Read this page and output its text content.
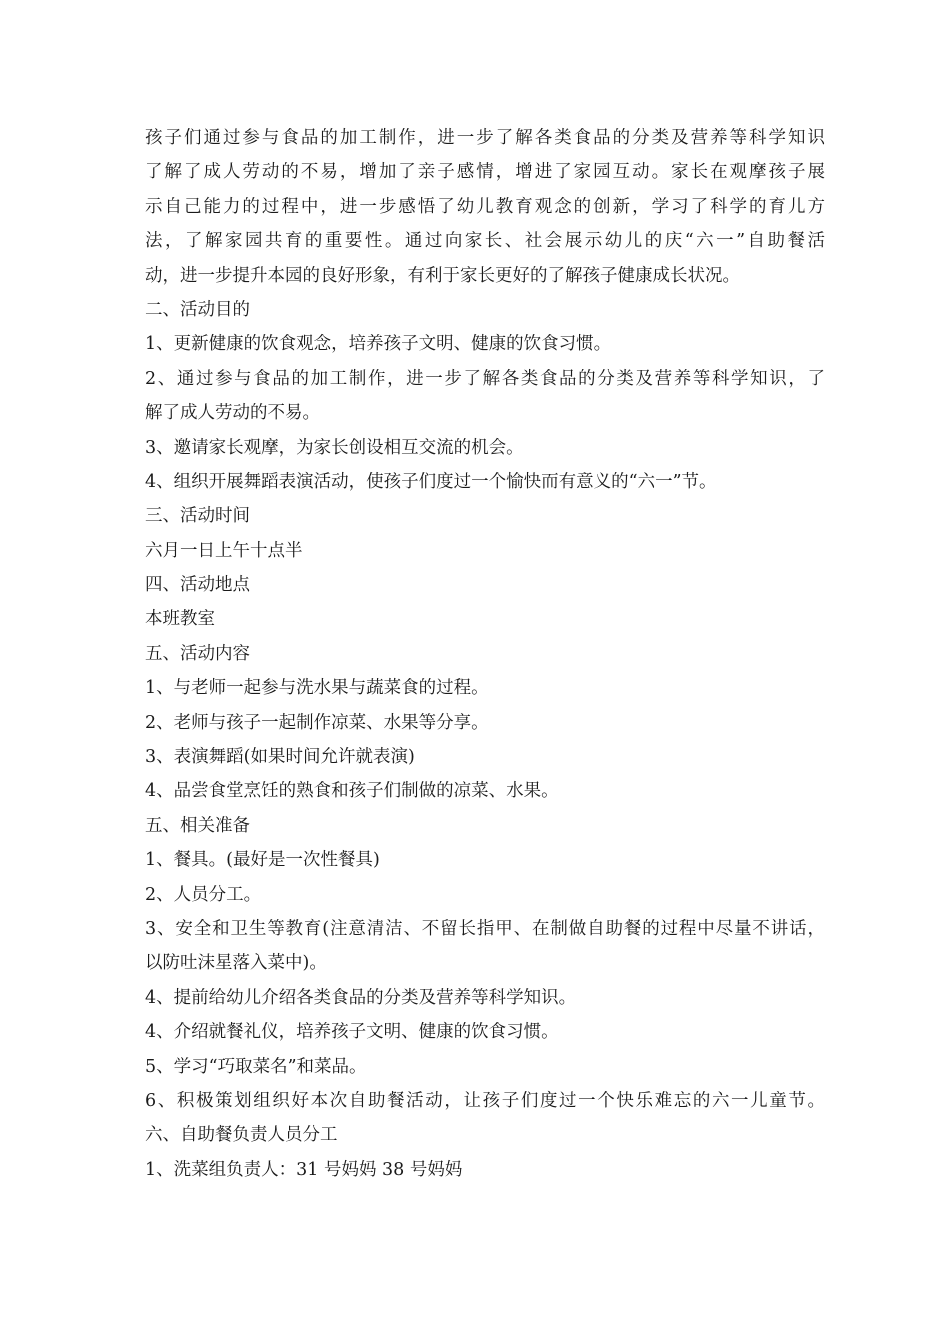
孩子们通过参与食品的加工制作，进一步了解各类食品的分类及营养等科学知识
了解了成人劳动的不易，增加了亲子感情，增进了家园互动。家长在观摩孩子展
示自己能力的过程中，进一步感悟了幼儿教育观念的创新，学习了科学的育儿方
法，了解家园共育的重要性。通过向家长、社会展示幼儿的庆“六一”自助餐活
动，进一步提升本园的良好形象，有利于家长更好的了解孩子健康成长状况。
二、活动目的
1、更新健康的饮食观念，培养孩子文明、健康的饮食习惯。
2、通过参与食品的加工制作，进一步了解各类食品的分类及营养等科学知识，了
解了成人劳动的不易。
3、邀请家长观摩，为家长创设相互交流的机会。
4、组织开展舞蹈表演活动，使孩子们度过一个愉快而有意义的“六一”节。
三、活动时间
六月一日上午十点半
四、活动地点
本班教室
五、活动内容
1、与老师一起参与洗水果与蔬菜食的过程。
2、老师与孩子一起制作凉菜、水果等分享。
3、表演舞蹈(如果时间允许就表演)
4、品尝食堂烹饪的熟食和孩子们制做的凉菜、水果。
五、相关准备
1、餐具。(最好是一次性餐具)
2、人员分工。
3、安全和卫生等教育(注意清洁、不留长指甲、在制做自助餐的过程中尽量不讲话，
以防吐沫星落入菜中)。
4、提前给幼儿介绍各类食品的分类及营养等科学知识。
4、介绍就餐礼仪，培养孩子文明、健康的饮食习惯。
5、学习“巧取菜名”和菜品。
6、积极策划组织好本次自助餐活动，让孩子们度过一个快乐难忘的六一儿童节。
六、自助餐负责人员分工
1、洗菜组负责人：31 号妈妈 38 号妈妈
